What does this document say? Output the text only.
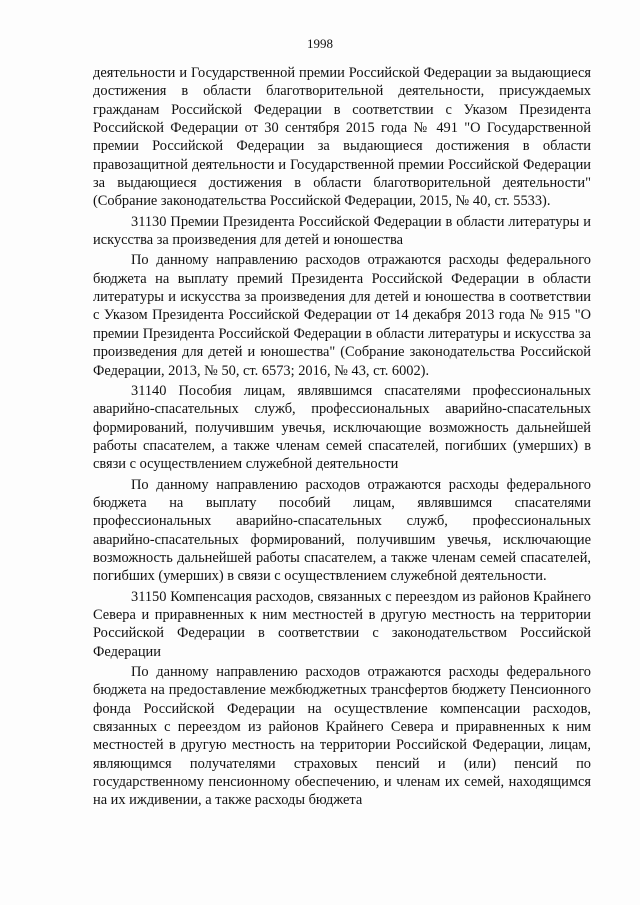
1998

деятельности и Государственной премии Российской Федерации за выдающиеся достижения в области благотворительной деятельности, присуждаемых гражданам Российской Федерации в соответствии с Указом Президента Российской Федерации от 30 сентября 2015 года № 491 "О Государственной премии Российской Федерации за выдающиеся достижения в области правозащитной деятельности и Государственной премии Российской Федерации за выдающиеся достижения в области благотворительной деятельности" (Собрание законодательства Российской Федерации, 2015, № 40, ст. 5533).

31130 Премии Президента Российской Федерации в области литературы и искусства за произведения для детей и юношества

По данному направлению расходов отражаются расходы федерального бюджета на выплату премий Президента Российской Федерации в области литературы и искусства за произведения для детей и юношества в соответствии с Указом Президента Российской Федерации от 14 декабря 2013 года № 915 "О премии Президента Российской Федерации в области литературы и искусства за произведения для детей и юношества" (Собрание законодательства Российской Федерации, 2013, № 50, ст. 6573; 2016, № 43, ст. 6002).

31140 Пособия лицам, являвшимся спасателями профессиональных аварийно-спасательных служб, профессиональных аварийно-спасательных формирований, получившим увечья, исключающие возможность дальнейшей работы спасателем, а также членам семей спасателей, погибших (умерших) в связи с осуществлением служебной деятельности

По данному направлению расходов отражаются расходы федерального бюджета на выплату пособий лицам, являвшимся спасателями профессиональных аварийно-спасательных служб, профессиональных аварийно-спасательных формирований, получившим увечья, исключающие возможность дальнейшей работы спасателем, а также членам семей спасателей, погибших (умерших) в связи с осуществлением служебной деятельности.

31150 Компенсация расходов, связанных с переездом из районов Крайнего Севера и приравненных к ним местностей в другую местность на территории Российской Федерации в соответствии с законодательством Российской Федерации

По данному направлению расходов отражаются расходы федерального бюджета на предоставление межбюджетных трансфертов бюджету Пенсионного фонда Российской Федерации на осуществление компенсации расходов, связанных с переездом из районов Крайнего Севера и приравненных к ним местностей в другую местность на территории Российской Федерации, лицам, являющимся получателями страховых пенсий и (или) пенсий по государственному пенсионному обеспечению, и членам их семей, находящимся на их иждивении, а также расходы бюджета
